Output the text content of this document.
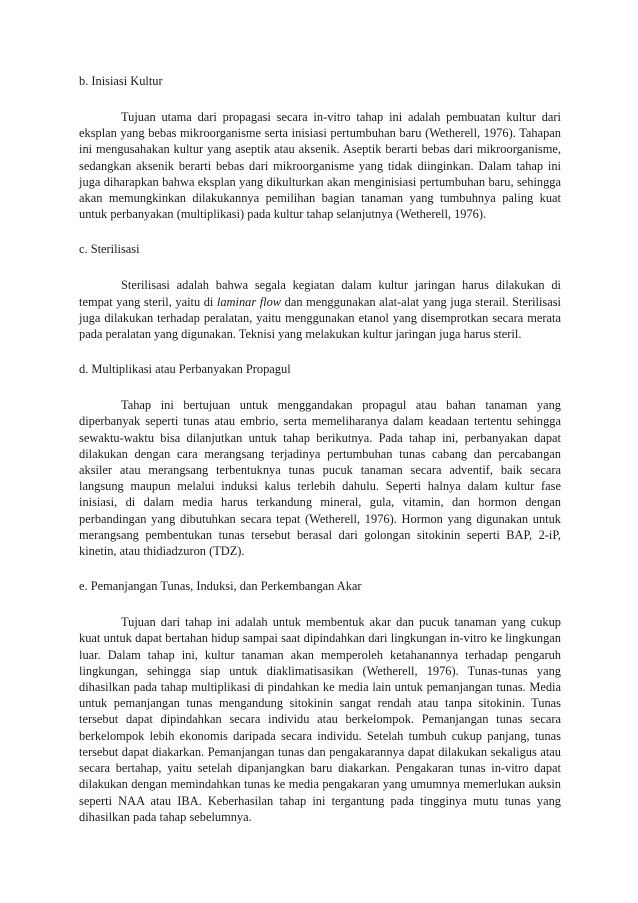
b. Inisiasi Kultur

Tujuan utama dari propagasi secara in-vitro tahap ini adalah pembuatan kultur dari eksplan yang bebas mikroorganisme serta inisiasi pertumbuhan baru (Wetherell, 1976). Tahapan ini mengusahakan kultur yang aseptik atau aksenik. Aseptik berarti bebas dari mikroorganisme, sedangkan aksenik berarti bebas dari mikroorganisme yang tidak diinginkan. Dalam tahap ini juga diharapkan bahwa eksplan yang dikulturkan akan menginisiasi pertumbuhan baru, sehingga akan memungkinkan dilakukannya pemilihan bagian tanaman yang tumbuhnya paling kuat untuk perbanyakan (multiplikasi) pada kultur tahap selanjutnya (Wetherell, 1976).

c. Sterilisasi

Sterilisasi adalah bahwa segala kegiatan dalam kultur jaringan harus dilakukan di tempat yang steril, yaitu di laminar flow dan menggunakan alat-alat yang juga sterail. Sterilisasi juga dilakukan terhadap peralatan, yaitu menggunakan etanol yang disemprotkan secara merata pada peralatan yang digunakan. Teknisi yang melakukan kultur jaringan juga harus steril.

d. Multiplikasi atau Perbanyakan Propagul

Tahap ini bertujuan untuk menggandakan propagul atau bahan tanaman yang diperbanyak seperti tunas atau embrio, serta memeliharanya dalam keadaan tertentu sehingga sewaktu-waktu bisa dilanjutkan untuk tahap berikutnya. Pada tahap ini, perbanyakan dapat dilakukan dengan cara merangsang terjadinya pertumbuhan tunas cabang dan percabangan aksiler atau merangsang terbentuknya tunas pucuk tanaman secara adventif, baik secara langsung maupun melalui induksi kalus terlebih dahulu. Seperti halnya dalam kultur fase inisiasi, di dalam media harus terkandung mineral, gula, vitamin, dan hormon dengan perbandingan yang dibutuhkan secara tepat (Wetherell, 1976). Hormon yang digunakan untuk merangsang pembentukan tunas tersebut berasal dari golongan sitokinin seperti BAP, 2-iP, kinetin, atau thidiadzuron (TDZ).

e. Pemanjangan Tunas, Induksi, dan Perkembangan Akar

Tujuan dari tahap ini adalah untuk membentuk akar dan pucuk tanaman yang cukup kuat untuk dapat bertahan hidup sampai saat dipindahkan dari lingkungan in-vitro ke lingkungan luar. Dalam tahap ini, kultur tanaman akan memperoleh ketahanannya terhadap pengaruh lingkungan, sehingga siap untuk diaklimatisasikan (Wetherell, 1976). Tunas-tunas yang dihasilkan pada tahap multiplikasi di pindahkan ke media lain untuk pemanjangan tunas. Media untuk pemanjangan tunas mengandung sitokinin sangat rendah atau tanpa sitokinin. Tunas tersebut dapat dipindahkan secara individu atau berkelompok. Pemanjangan tunas secara berkelompok lebih ekonomis daripada secara individu. Setelah tumbuh cukup panjang, tunas tersebut dapat diakarkan. Pemanjangan tunas dan pengakarannya dapat dilakukan sekaligus atau secara bertahap, yaitu setelah dipanjangkan baru diakarkan. Pengakaran tunas in-vitro dapat dilakukan dengan memindahkan tunas ke media pengakaran yang umumnya memerlukan auksin seperti NAA atau IBA. Keberhasilan tahap ini tergantung pada tingginya mutu tunas yang dihasilkan pada tahap sebelumnya.
